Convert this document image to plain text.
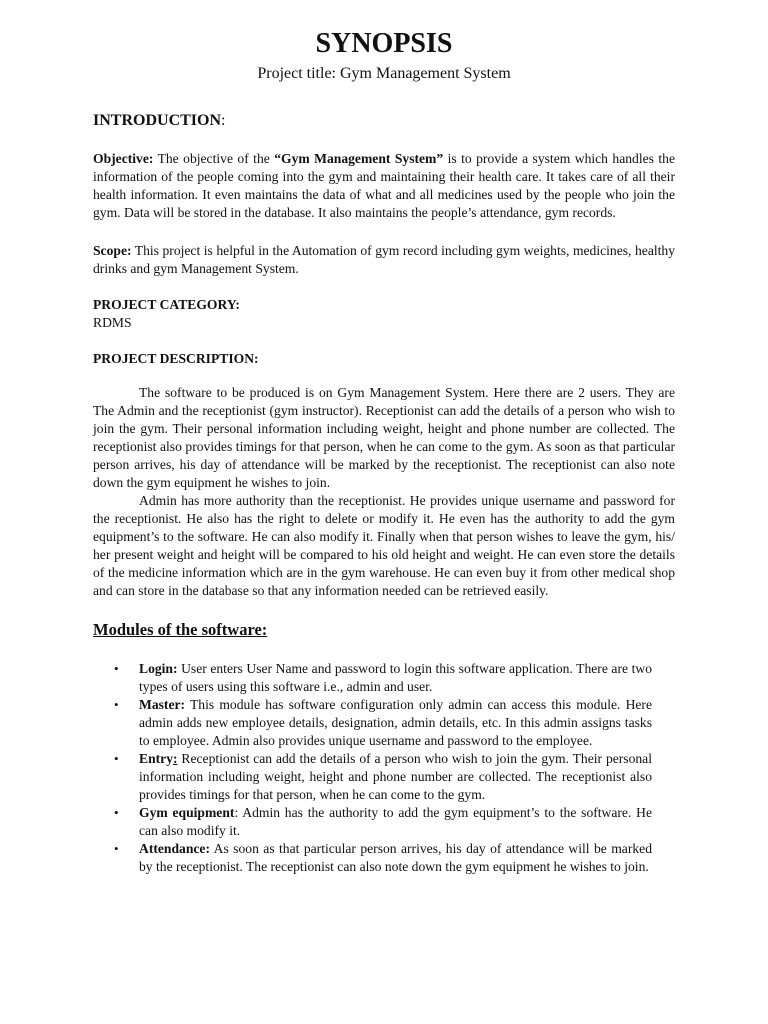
SYNOPSIS
Project title: Gym Management System
INTRODUCTION:

Objective: The objective of the “Gym Management System” is to provide a system which handles the information of the people coming into the gym and maintaining their health care. It takes care of all their health information. It even maintains the data of what and all medicines used by the people who join the gym. Data will be stored in the database. It also maintains the people’s attendance, gym records.

Scope: This project is helpful in the Automation of gym record including gym weights, medicines, healthy drinks and gym Management System.

PROJECT CATEGORY:
RDMS
PROJECT DESCRIPTION:

The software to be produced is on Gym Management System. Here there are 2 users. They are The Admin and the receptionist (gym instructor). Receptionist can add the details of a person who wish to join the gym. Their personal information including weight, height and phone number are collected. The receptionist also provides timings for that person, when he can come to the gym. As soon as that particular person arrives, his day of attendance will be marked by the receptionist. The receptionist can also note down the gym equipment he wishes to join.

Admin has more authority than the receptionist. He provides unique username and password for the receptionist. He also has the right to delete or modify it. He even has the authority to add the gym equipment’s to the software. He can also modify it. Finally when that person wishes to leave the gym, his/ her present weight and height will be compared to his old height and weight. He can even store the details of the medicine information which are in the gym warehouse. He can even buy it from other medical shop and can store in the database so that any information needed can be retrieved easily.

Modules of the software:
• Login: User enters User Name and password to login this software application. There are two types of users using this software i.e., admin and user.
• Master: This module has software configuration only admin can access this module. Here admin adds new employee details, designation, admin details, etc. In this admin assigns tasks to employee. Admin also provides unique username and password to the employee.
• Entry: Receptionist can add the details of a person who wish to join the gym. Their personal information including weight, height and phone number are collected. The receptionist also provides timings for that person, when he can come to the gym.
• Gym equipment: Admin has the authority to add the gym equipment’s to the software. He can also modify it.
• Attendance: As soon as that particular person arrives, his day of attendance will be marked by the receptionist. The receptionist can also note down the gym equipment he wishes to join.
